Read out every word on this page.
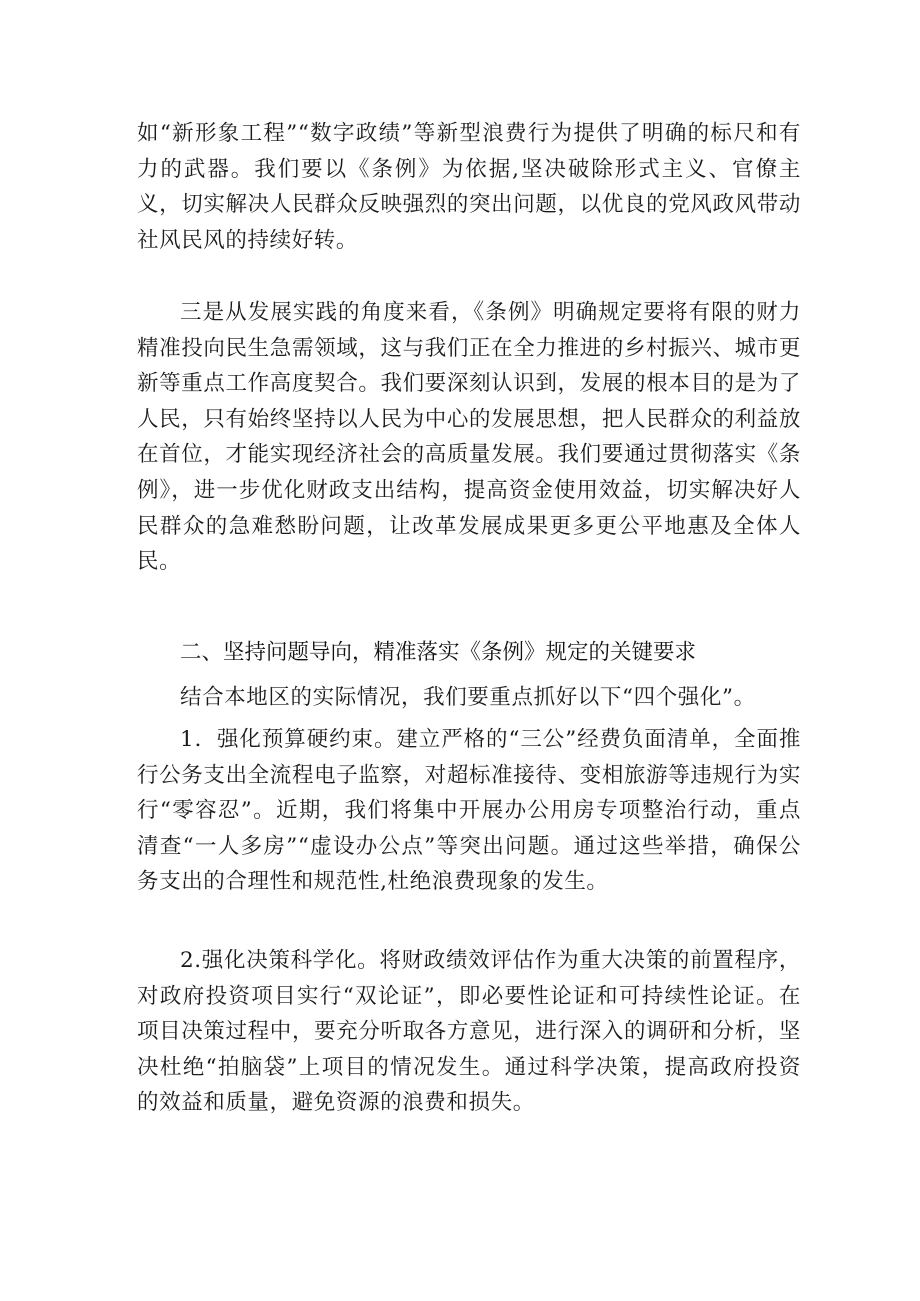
如“新形象工程”“数字政绩”等新型浪费行为提供了明确的标尺和有力的武器。我们要以《条例》为依据,坚决破除形式主义、官僚主义，切实解决人民群众反映强烈的突出问题，以优良的党风政风带动社风民风的持续好转。

三是从发展实践的角度来看，《条例》明确规定要将有限的财力精准投向民生急需领域，这与我们正在全力推进的乡村振兴、城市更新等重点工作高度契合。我们要深刻认识到，发展的根本目的是为了人民，只有始终坚持以人民为中心的发展思想，把人民群众的利益放在首位，才能实现经济社会的高质量发展。我们要通过贯彻落实《条例》，进一步优化财政支出结构，提高资金使用效益，切实解决好人民群众的急难愁盼问题，让改革发展成果更多更公平地惠及全体人民。

二、坚持问题导向，精准落实《条例》规定的关键要求

结合本地区的实际情况，我们要重点抓好以下“四个强化”。

1．强化预算硬约束。建立严格的“三公”经费负面清单，全面推行公务支出全流程电子监察，对超标准接待、变相旅游等违规行为实行“零容忍”。近期，我们将集中开展办公用房专项整治行动，重点清查“一人多房”“虚设办公点”等突出问题。通过这些举措，确保公务支出的合理性和规范性,杜绝浪费现象的发生。

2.强化决策科学化。将财政绩效评估作为重大决策的前置程序，对政府投资项目实行“双论证”，即必要性论证和可持续性论证。在项目决策过程中，要充分听取各方意见，进行深入的调研和分析，坚决杜绝“拍脑袋”上项目的情况发生。通过科学决策，提高政府投资的效益和质量，避免资源的浪费和损失。
